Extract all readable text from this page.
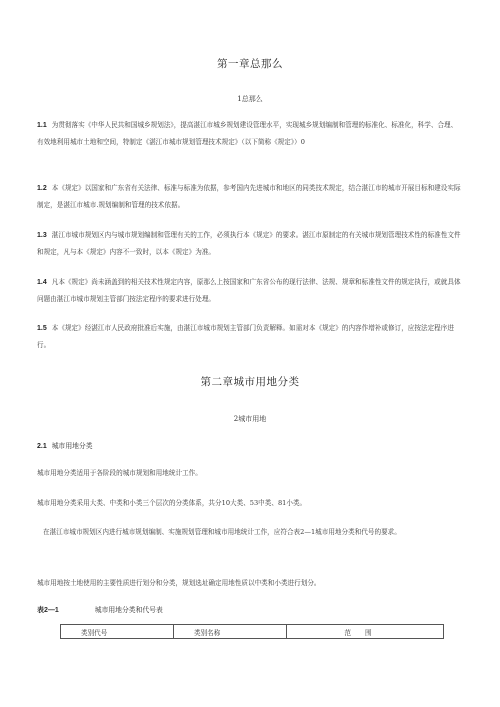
第一章总那么
1总那么
1.1 为贯彻落实《中华人民共和国城乡规划法》，提高湛江市城乡规划建设管理水平，实现城乡规划编制和管理的标准化、标准化，科学、合理、有效地利用城市土地和空间，特制定《湛江市城市规划管理技术规定》（以下简称《规定》）0
1.2 本《规定》以国家和广东省有关法律、标准与标准为依据，参考国内先进城市和地区的同类技术规定，结合湛江市的城市开展目标和建设实际制定，是湛江市城市.规划编制和管理的技术依据。
1.3 湛江市城市规划区内与城市规划编制和管理有关的工作，必须执行本《规定》的要求。湛江市原制定的有关城市规划管理技术性的标准性文件和规定，凡与本《规定》内容不一致时，以本《规定》为准。
1.4 凡本《规定》尚未涵盖到的相关技术性规定内容，原那么上按国家和广东省公布的现行法律、法规、规章和标准性文件的规定执行，或就具体问题由湛江市城市规划主管部门按法定程序的要求进行处理。
1.5 本《规定》经湛江市人民政府批准后实施，由湛江市城市规划主管部门负责解释。如需对本《规定》的内容作增补或修订，应按法定程序进行。
第二章城市用地分类
2城市用地
2.1 城市用地分类
城市用地分类适用于各阶段的城市规划和用地统计工作。
城市用地分类采用大类、中类和小类三个层次的分类体系，共分10大类、53中类、81小类。
在湛江市城市规划区内进行城市规划编制、实施规划管理和城市用地统计工作，应符合表2—1城市用地分类和代号的要求。
城市用地按土地使用的主要性质进行划分和分类，规划选址确定用地性质以中类和小类进行划分。
表2—1	城市用地分类和代号表
类别代号	类别名称	范围
